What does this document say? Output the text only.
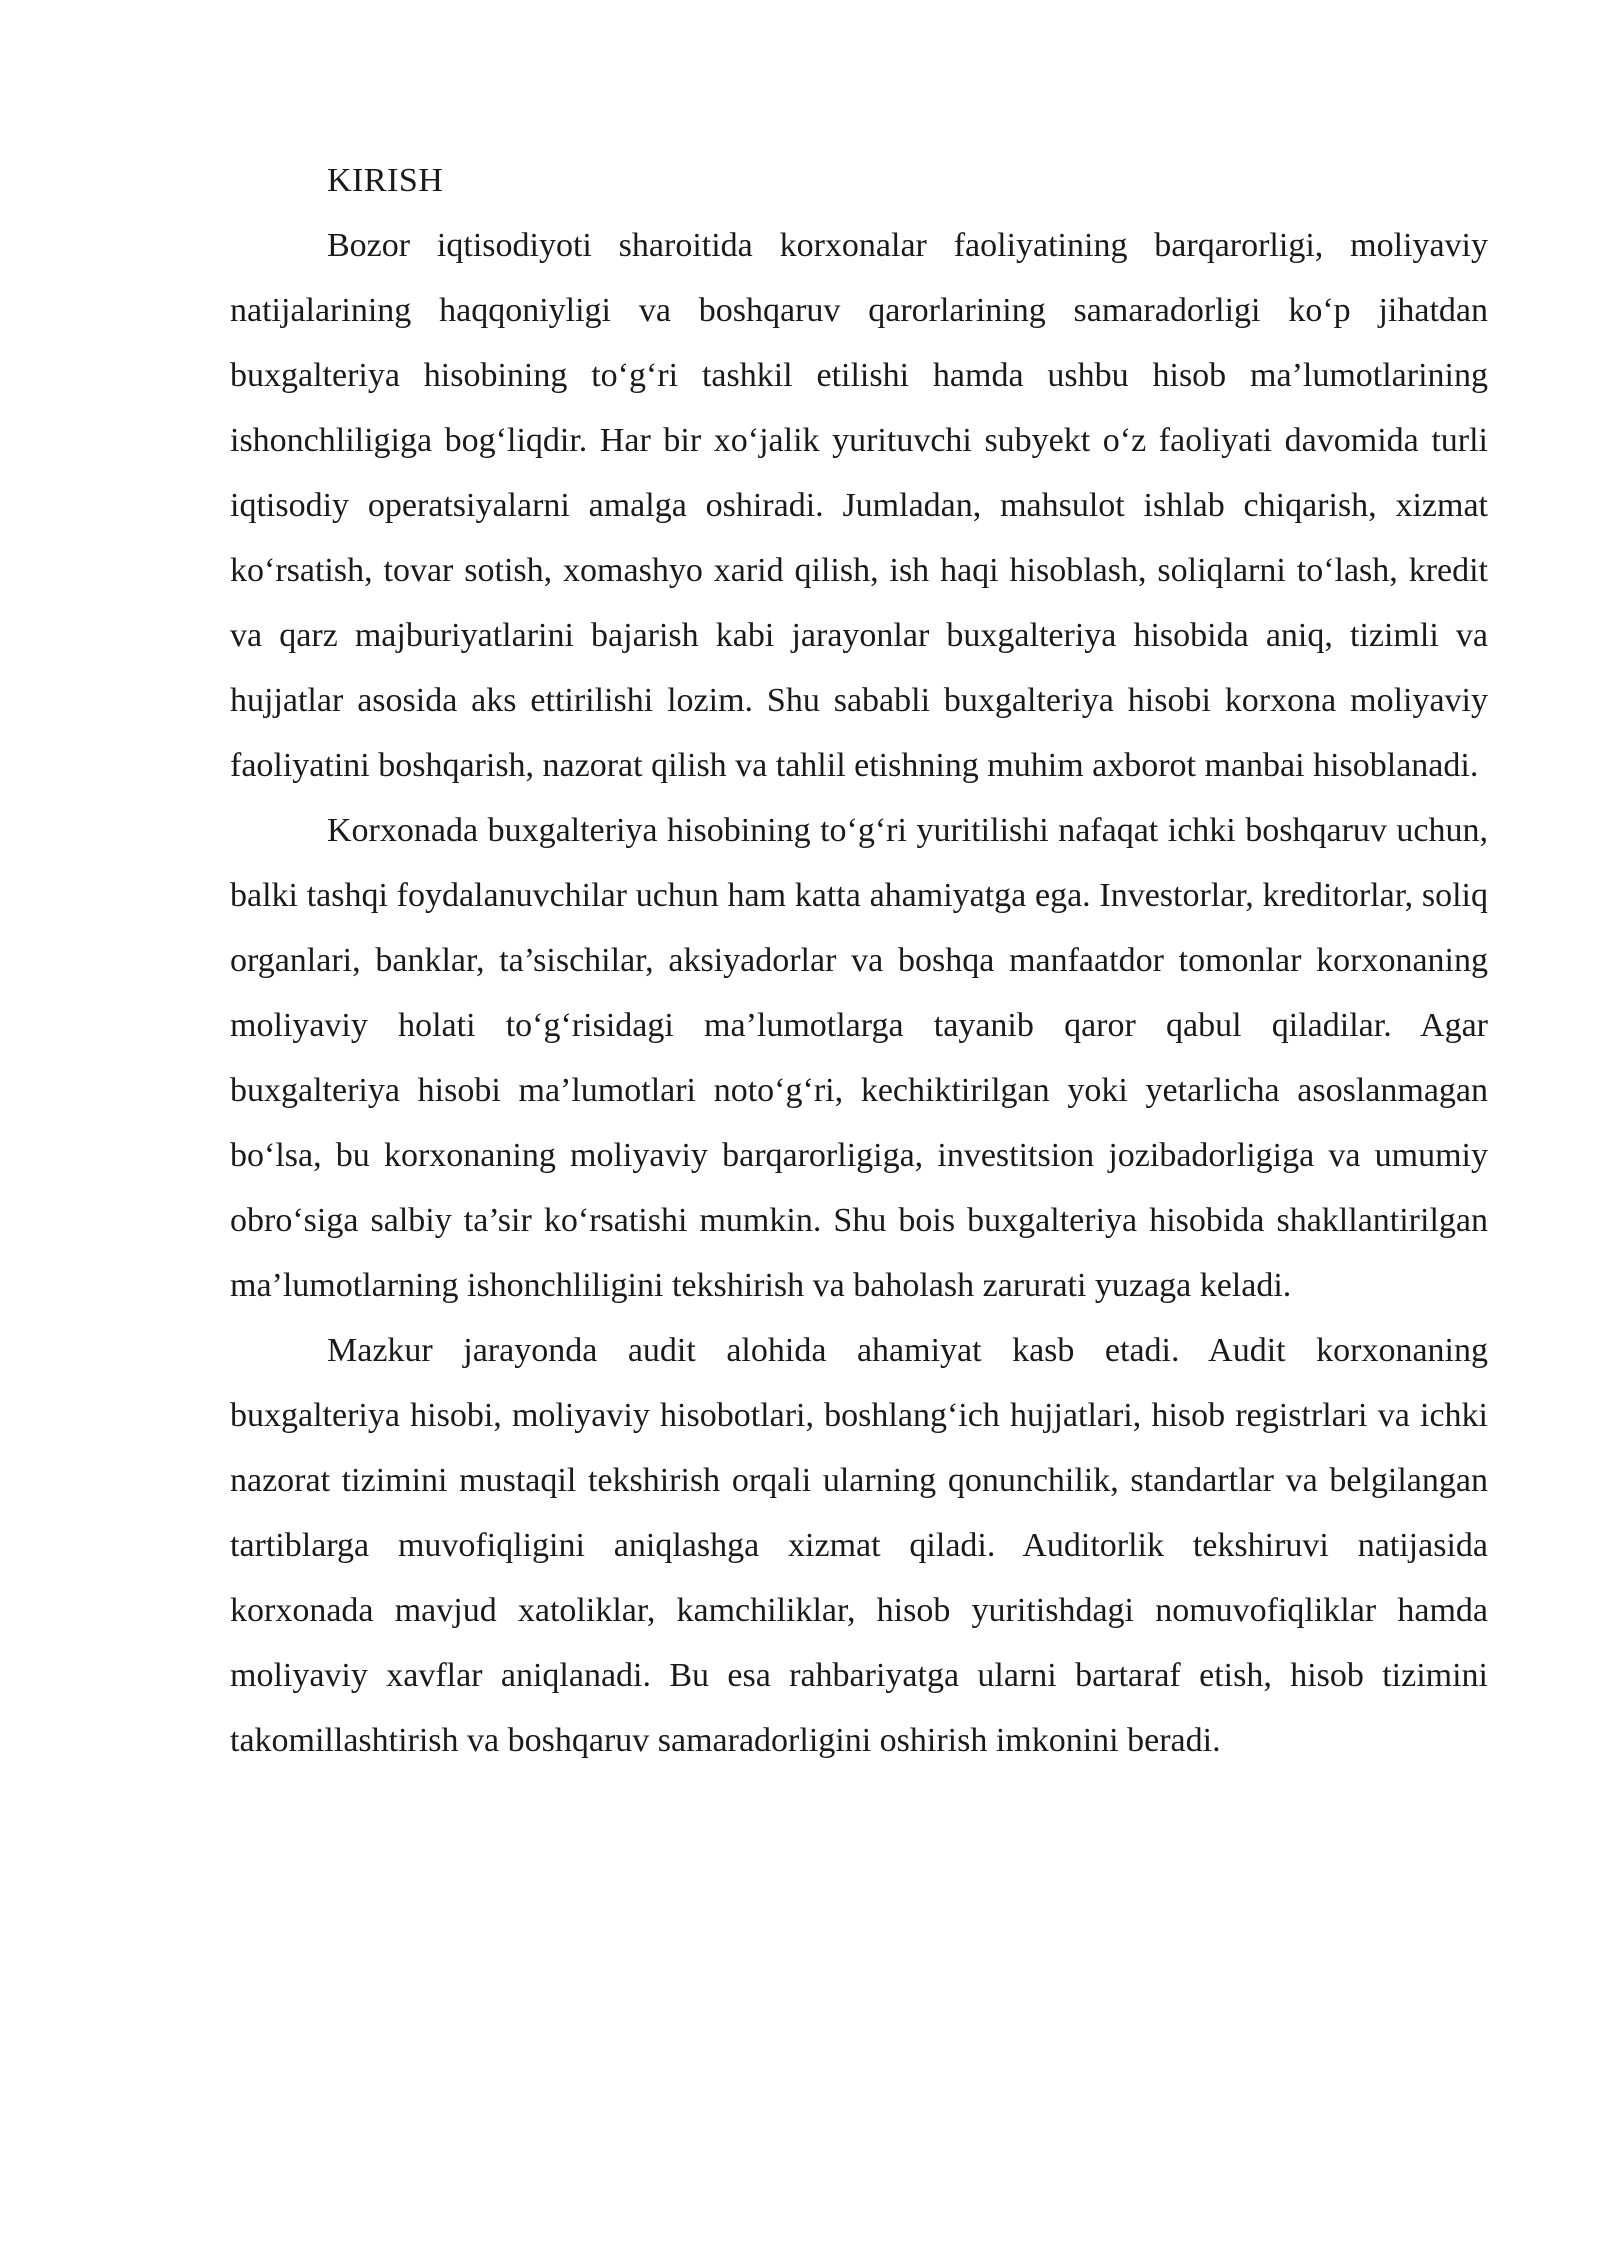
KIRISH

Bozor iqtisodiyoti sharoitida korxonalar faoliyatining barqarorligi, moliyaviy natijalarining haqqoniyligi va boshqaruv qarorlarining samaradorligi ko‘p jihatdan buxgalteriya hisobining to‘g‘ri tashkil etilishi hamda ushbu hisob ma’lumotlarining ishonchliligiga bog‘liqdir. Har bir xo‘jalik yurituvchi subyekt o‘z faoliyati davomida turli iqtisodiy operatsiyalarni amalga oshiradi. Jumladan, mahsulot ishlab chiqarish, xizmat ko‘rsatish, tovar sotish, xomashyo xarid qilish, ish haqi hisoblash, soliqlarni to‘lash, kredit va qarz majburiyatlarini bajarish kabi jarayonlar buxgalteriya hisobida aniq, tizimli va hujjatlar asosida aks ettirilishi lozim. Shu sababli buxgalteriya hisobi korxona moliyaviy faoliyatini boshqarish, nazorat qilish va tahlil etishning muhim axborot manbai hisoblanadi.

Korxonada buxgalteriya hisobining to‘g‘ri yuritilishi nafaqat ichki boshqaruv uchun, balki tashqi foydalanuvchilar uchun ham katta ahamiyatga ega. Investorlar, kreditorlar, soliq organlari, banklar, ta’sischilar, aksiyadorlar va boshqa manfaatdor tomonlar korxonaning moliyaviy holati to‘g‘risidagi ma’lumotlarga tayanib qaror qabul qiladilar. Agar buxgalteriya hisobi ma’lumotlari noto‘g‘ri, kechiktirilgan yoki yetarlicha asoslanmagan bo‘lsa, bu korxonaning moliyaviy barqarorligiga, investitsion jozibadorligiga va umumiy obro‘siga salbiy ta’sir ko‘rsatishi mumkin. Shu bois buxgalteriya hisobida shakllantirilgan ma’lumotlarning ishonchliligini tekshirish va baholash zarurati yuzaga keladi.

Mazkur jarayonda audit alohida ahamiyat kasb etadi. Audit korxonaning buxgalteriya hisobi, moliyaviy hisobotlari, boshlang‘ich hujjatlari, hisob registrlari va ichki nazorat tizimini mustaqil tekshirish orqali ularning qonunchilik, standartlar va belgilangan tartiblarga muvofiqligini aniqlashga xizmat qiladi. Auditorlik tekshiruvi natijasida korxonada mavjud xatoliklar, kamchiliklar, hisob yuritishdagi nomuvofiqliklar hamda moliyaviy xavflar aniqlanadi. Bu esa rahbariyatga ularni bartaraf etish, hisob tizimini takomillashtirish va boshqaruv samaradorligini oshirish imkonini beradi.
